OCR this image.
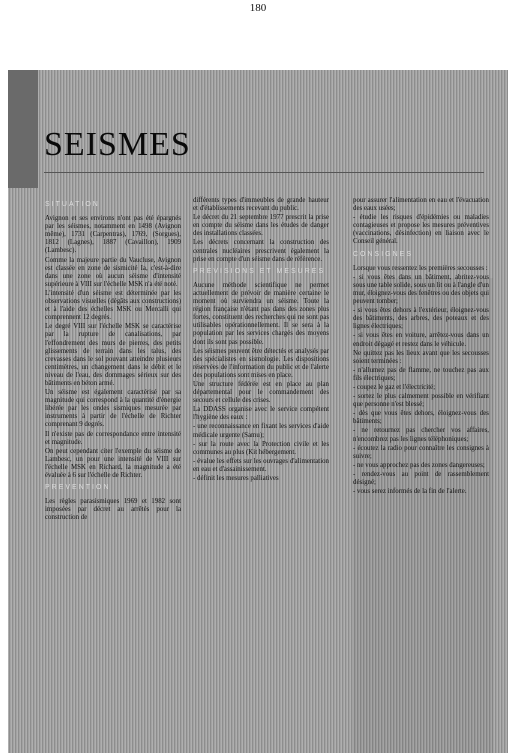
180
SEISMES
SITUATION

Avignon et ses environs n'ont pas été épargnés par les séismes, notamment en 1498 (Avignon même), 1731 (Carpentras), 1769, (Sorgues), 1812 (Lagnes), 1887 (Cavaillon), 1909 (Lambesc).

Comme la majeure partie du Vaucluse, Avignon est classée en zone de sismicité Ia, c'est-à-dire dans une zone où aucun séisme d'intensité supérieure à VIII sur l'échelle MSK n'a été noté.

L'intensité d'un séisme est déterminée par les observations visuelles (dégâts aux constructions) et à l'aide des échelles MSK ou Mercalli qui comprennent 12 degrés.

Le degré VIII sur l'échelle MSK se caractérise par la rupture de canalisations, par l'effondrement des murs de pierres, des petits glissements de terrain dans les talus, des crevasses dans le sol pouvant atteindre plusieurs centimètres, un changement dans le débit et le niveau de l'eau, des dommages sérieux sur des bâtiments en béton armé.

Un séisme est également caractérisé par sa magnitude qui correspond à la quantité d'énergie libérée par les ondes sismiques mesurée par instruments à partir de l'échelle de Richter comprenant 9 degrés.

Il n'existe pas de correspondance entre intensité et magnitude.

On peut cependant citer l'exemple du séisme de Lambesc, un pour une intensité de VIII sur l'échelle MSK en Richard, la magnitude a été évaluée à 6 sur l'échelle de Richter.

PREVENTION

Les règles parasismiques 1969 et 1982 sont imposées par décret au arrêtés pour la construction de

différents types d'immeubles de grande hauteur et d'établissements recevant du public.

Le décret du 21 septembre 1977 prescrit la prise en compte du séisme dans les études de danger des installations classées.

Les décrets concernant la construction des centrales nucléaires prescrivent également la prise en compte d'un séisme dans de référence.

PREVISIONS ET MESURES

Aucune méthode scientifique ne permet actuellement de prévoir de manière certaine le moment où surviendra un séisme. Toute la région française n'étant pas dans des zones plus fortes, constituent des recherches qui ne sont pas utilisables opérationnellement. Il se sera à la population par les services chargés des moyens dont ils sont pas possible.

Les séismes peuvent être détectés et analysés par des spécialistes en sismologie. Les dispositions réservées de l'information du public et de l'alerte des populations sont mises en place.

Une structure fédérée est en place au plan départemental pour le commandement des secours et cellule des crises.

La DDASS organise avec le service compétent l'hygiène des eaux :

- une reconnaissance en fixant les services d'aide médicale urgente (Samu);

- sur la route avec la Protection civile et les communes au plus (Kit hébergement.

- évalue les effets sur les ouvrages d'alimentation en eau et d'assainissement.

- définit les mesures palliatives

pour assurer l'alimentation en eau et l'évacuation des eaux usées;

- étudie les risques d'épidémies ou maladies contagieuses et propose les mesures préventives (vaccinations, désinfection) en liaison avec le Conseil général.

CONSIGNES

Lorsque vous ressentez les premières secousses :

- si vous êtes dans un bâtiment, abritez-vous sous une table solide, sous un lit ou à l'angle d'un mur, éloignez-vous des fenêtres ou des objets qui peuvent tomber;

- si vous êtes dehors à l'extérieur, éloignez-vous des bâtiments, des arbres, des poteaux et des lignes électriques;

- si vous êtes en voiture, arrêtez-vous dans un endroit dégagé et restez dans le véhicule.

Ne quittez pas les lieux avant que les secousses soient terminées :

- n'allumez pas de flamme, ne touchez pas aux fils électriques;

- coupez le gaz et l'électricité;

- sortez le plus calmement possible en vérifiant que personne n'est blessé;

- dès que vous êtes dehors, éloignez-vous des bâtiments;

- ne retournez pas chercher vos affaires, n'encombrez pas les lignes téléphoniques;

- écoutez la radio pour connaître les consignes à suivre;

- ne vous approchez pas des zones dangereuses;

- rendez-vous au point de rassemblement désigné;

- vous serez informés de la fin de l'alerte.
